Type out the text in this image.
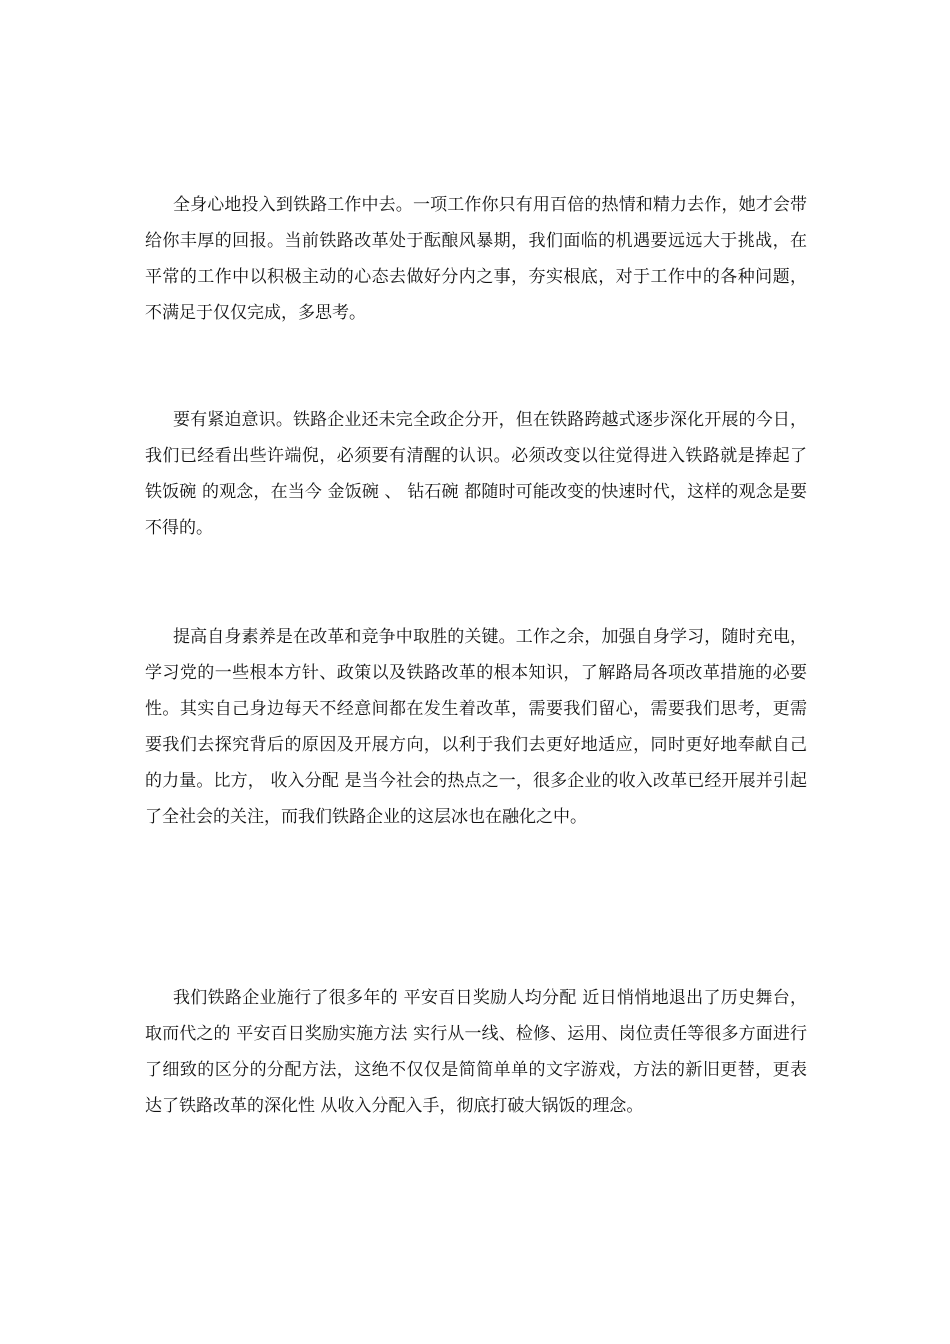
全身心地投入到铁路工作中去。一项工作你只有用百倍的热情和精力去作，她才会带给你丰厚的回报。当前铁路改革处于酝酿风暴期，我们面临的机遇要远远大于挑战，在平常的工作中以积极主动的心态去做好分内之事，夯实根底，对于工作中的各种问题，不满足于仅仅完成，多思考。

要有紧迫意识。铁路企业还未完全政企分开，但在铁路跨越式逐步深化开展的今日，我们已经看出些许端倪，必须要有清醒的认识。必须改变以往觉得进入铁路就是捧起了 铁饭碗 的观念，在当今 金饭碗 、 钻石碗 都随时可能改变的快速时代，这样的观念是要不得的。

提高自身素养是在改革和竞争中取胜的关键。工作之余，加强自身学习，随时充电，学习党的一些根本方针、政策以及铁路改革的根本知识，了解路局各项改革措施的必要性。其实自己身边每天不经意间都在发生着改革，需要我们留心，需要我们思考，更需要我们去探究背后的原因及开展方向，以利于我们去更好地适应，同时更好地奉献自己的力量。比方， 收入分配 是当今社会的热点之一，很多企业的收入改革已经开展并引起了全社会的关注，而我们铁路企业的这层冰也在融化之中。

我们铁路企业施行了很多年的 平安百日奖励人均分配 近日悄悄地退出了历史舞台，取而代之的 平安百日奖励实施方法 实行从一线、检修、运用、岗位责任等很多方面进行了细致的区分的分配方法，这绝不仅仅是简简单单的文字游戏，方法的新旧更替，更表达了铁路改革的深化性 从收入分配入手，彻底打破大锅饭的理念。
